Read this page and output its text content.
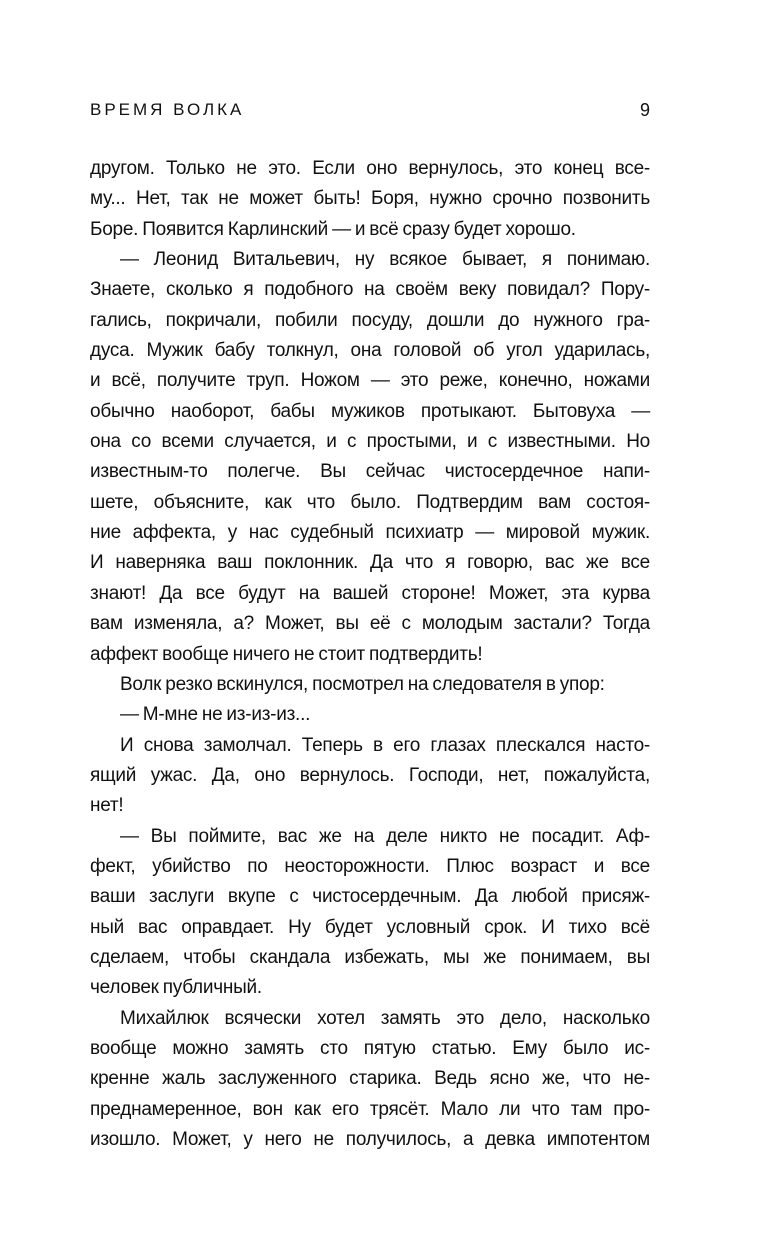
ВРЕМЯ ВОЛКА	9
другом. Только не это. Если оно вернулось, это конец все-
му... Нет, так не может быть! Боря, нужно срочно позвонить
Боре. Появится Карлинский — и всё сразу будет хорошо.
— Леонид Витальевич, ну всякое бывает, я понимаю.
Знаете, сколько я подобного на своём веку повидал? Пору-
гались, покричали, побили посуду, дошли до нужного гра-
дуса. Мужик бабу толкнул, она головой об угол ударилась,
и всё, получите труп. Ножом — это реже, конечно, ножами
обычно наоборот, бабы мужиков протыкают. Бытовуха —
она со всеми случается, и с простыми, и с известными. Но
известным-то полегче. Вы сейчас чистосердечное напи-
шете, объясните, как что было. Подтвердим вам состоя-
ние аффекта, у нас судебный психиатр — мировой мужик.
И наверняка ваш поклонник. Да что я говорю, вас же все
знают! Да все будут на вашей стороне! Может, эта курва
вам изменяла, а? Может, вы её с молодым застали? Тогда
аффект вообще ничего не стоит подтвердить!
Волк резко вскинулся, посмотрел на следователя в упор:
— М-мне не из-из-из...
И снова замолчал. Теперь в его глазах плескался насто-
ящий ужас. Да, оно вернулось. Господи, нет, пожалуйста,
нет!
— Вы поймите, вас же на деле никто не посадит. Аф-
фект, убийство по неосторожности. Плюс возраст и все
ваши заслуги вкупе с чистосердечным. Да любой присяж-
ный вас оправдает. Ну будет условный срок. И тихо всё
сделаем, чтобы скандала избежать, мы же понимаем, вы
человек публичный.
Михайлюк всячески хотел замять это дело, насколько
вообще можно замять сто пятую статью. Ему было ис-
кренне жаль заслуженного старика. Ведь ясно же, что не-
преднамеренное, вон как его трясёт. Мало ли что там про-
изошло. Может, у него не получилось, а девка импотентом
